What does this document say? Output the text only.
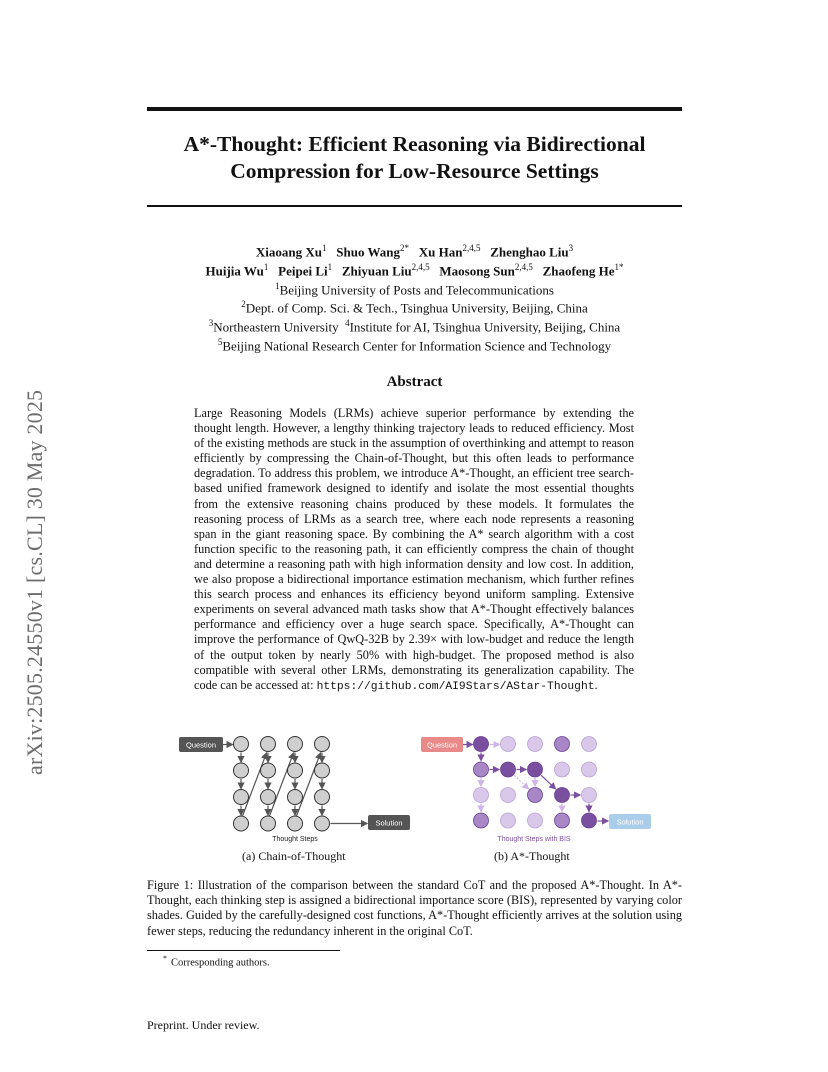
arXiv:2505.24550v1 [cs.CL] 30 May 2025
A*-Thought: Efficient Reasoning via Bidirectional Compression for Low-Resource Settings
Xiaoang Xu$^1$ Shuo Wang$^{2*}$ Xu Han$^{2,4,5}$ Zhenghao Liu$^3$
Huijia Wu$^1$ Peipei Li$^1$ Zhiyuan Liu$^{2,4,5}$ Maosong Sun$^{2,4,5}$ Zhaofeng $He^{1*}$
$^1$Beijing University of Posts and Telecommunications
$^2$Dept. of Comp. Sci. & Tech., Tsinghua University, Beijing, China
$^3$Northeastern University $^4$Institute for AI, Tsinghua University, Beijing, China
$^5$Beijing National Research Center for Information Science and Technology
Abstract
Large Reasoning Models (LRMs) achieve superior performance by extending the thought length. However, a lengthy thinking trajectory leads to reduced efficiency. Most of the existing methods are stuck in the assumption of overthinking and attempt to reason efficiently by compressing the Chain-of-Thought, but this often leads to performance degradation. To address this problem, we introduce A*-Thought, an efficient tree search-based unified framework designed to identify and isolate the most essential thoughts from the extensive reasoning chains produced by these models. It formulates the reasoning process of LRMs as a search tree, where each node represents a reasoning span in the giant reasoning space. By combining the A* search algorithm with a cost function specific to the reasoning path, it can efficiently compress the chain of thought and determine a reasoning path with high information density and low cost. In addition, we also propose a bidirectional importance estimation mechanism, which further refines this search process and enhances its efficiency beyond uniform sampling. Extensive experiments on several advanced math tasks show that A*-Thought effectively balances performance and efficiency over a huge search space. Specifically, A*-Thought can improve the performance of QwQ-32B by 2.39× with low-budget and reduce the length of the output token by nearly 50% with high-budget. The proposed method is also compatible with several other LRMs, demonstrating its generalization capability. The code can be accessed at: https://github.com/AI9Stars/AStar-Thought.
Question
Solution
Thought Steps
Question
Solution
Thought Steps with BIS
(a) Chain-of-Thought	(b) A*-Thought
Figure 1: Illustration of the comparison between the standard CoT and the proposed A*-Thought. In A*-Thought, each thinking step is assigned a bidirectional importance score (BIS), represented by varying color shades. Guided by the carefully-designed cost functions, A*-Thought efficiently arrives at the solution using fewer steps, reducing the redundancy inherent in the original CoT.
* Corresponding authors.
Preprint. Under review.
